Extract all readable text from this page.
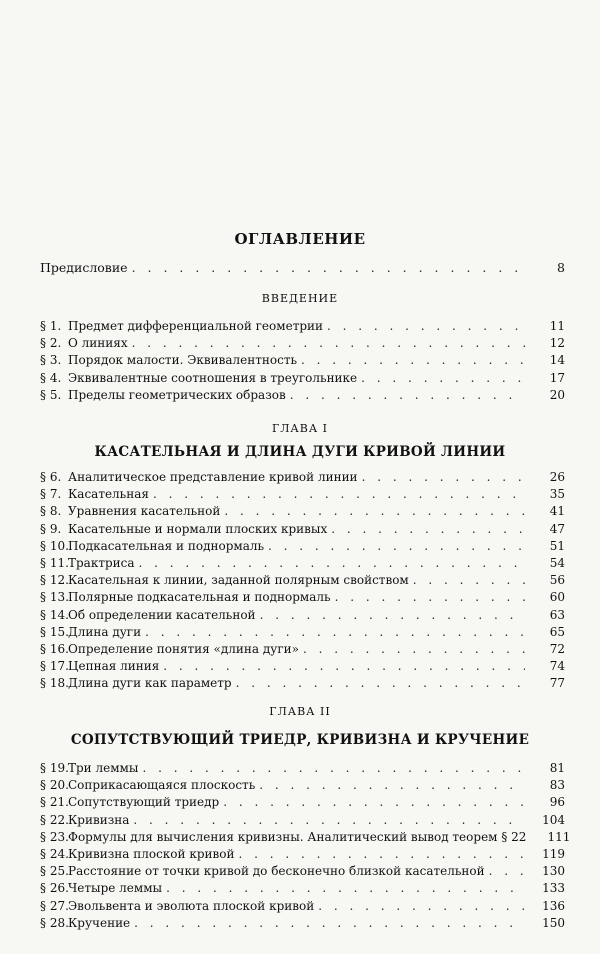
ОГЛАВЛЕНИЕ
Предисловие . . .	8
ВВЕДЕНИЕ
§ 1. Предмет дифференциальной геометрии . . .	11
§ 2. О линиях . . .	12
§ 3. Порядок малости. Эквивалентность . . .	14
§ 4. Эквивалентные соотношения в треугольнике . . .	17
§ 5. Пределы геометрических образов . . .	20
ГЛАВА I
КАСАТЕЛЬНАЯ И ДЛИНА ДУГИ КРИВОЙ ЛИНИИ
§ 6. Аналитическое представление кривой линии . . .	26
§ 7. Касательная . . .	35
§ 8. Уравнения касательной . . .	41
§ 9. Касательные и нормали плоских кривых . . .	47
§ 10. Подкасательная и поднормаль . . .	51
§ 11. Трактриса . . .	54
§ 12. Касательная к линии, заданной полярным свойством . . .	56
§ 13. Полярные подкасательная и поднормаль . . .	60
§ 14. Об определении касательной . . .	63
§ 15. Длина дуги . . .	65
§ 16. Определение понятия «длина дуги» . . .	72
§ 17. Цепная линия . . .	74
§ 18. Длина дуги как параметр . . .	77
ГЛАВА II
СОПУТСТВУЮЩИЙ ТРИЕДР, КРИВИЗНА И КРУЧЕНИЕ
§ 19. Три леммы . . .	81
§ 20. Соприкасающаяся плоскость . . .	83
§ 21. Сопутствующий триедр . . .	96
§ 22. Кривизна . . .	104
§ 23. Формулы для вычисления кривизны. Аналитический вывод теорем § 22	111
§ 24. Кривизна плоской кривой . . .	119
§ 25. Расстояние от точки кривой до бесконечно близкой касательной . . .	130
§ 26. Четыре леммы . . .	133
§ 27. Эвольвента и эволюта плоской кривой . . .	136
§ 28. Кручение . . .	150
